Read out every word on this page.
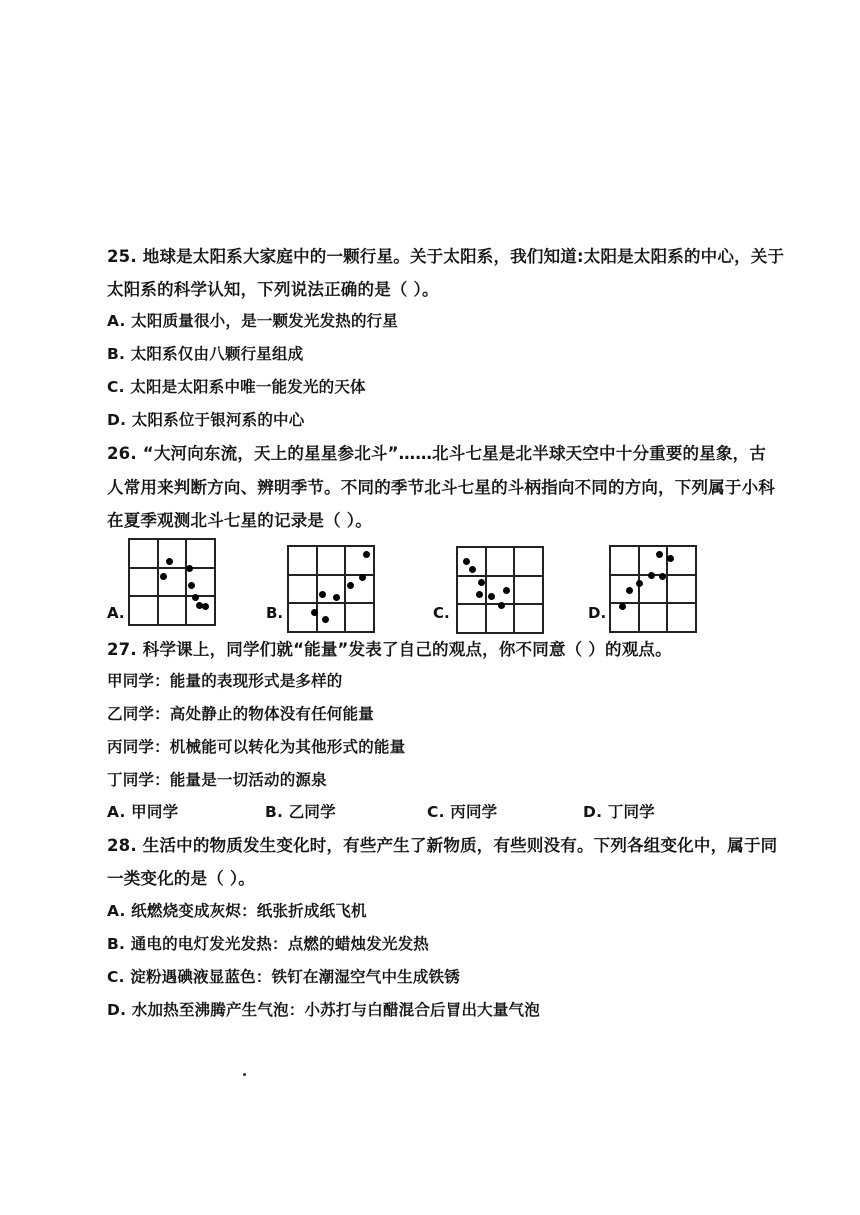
25. 地球是太阳系大家庭中的一颗行星。关于太阳系，我们知道:太阳是太阳系的中心，关于
太阳系的科学认知，下列说法正确的是（ ）。
A. 太阳质量很小，是一颗发光发热的行星
B. 太阳系仅由八颗行星组成
C. 太阳是太阳系中唯一能发光的天体
D. 太阳系位于银河系的中心
26. “大河向东流，天上的星星参北斗”……北斗七星是北半球天空中十分重要的星象，古
人常用来判断方向、辨明季节。不同的季节北斗七星的斗柄指向不同的方向，下列属于小科
在夏季观测北斗七星的记录是（ ）。
A.	B.	C.	D.
27. 科学课上，同学们就“能量”发表了自己的观点，你不同意（ ）的观点。
甲同学：能量的表现形式是多样的
乙同学：高处静止的物体没有任何能量
丙同学：机械能可以转化为其他形式的能量
丁同学：能量是一切活动的源泉
A. 甲同学	B. 乙同学	C. 丙同学	D. 丁同学
28. 生活中的物质发生变化时，有些产生了新物质，有些则没有。下列各组变化中，属于同
一类变化的是（ ）。
A. 纸燃烧变成灰烬：纸张折成纸飞机
B. 通电的电灯发光发热：点燃的蜡烛发光发热
C. 淀粉遇碘液显蓝色：铁钉在潮湿空气中生成铁锈
D. 水加热至沸腾产生气泡：小苏打与白醋混合后冒出大量气泡
